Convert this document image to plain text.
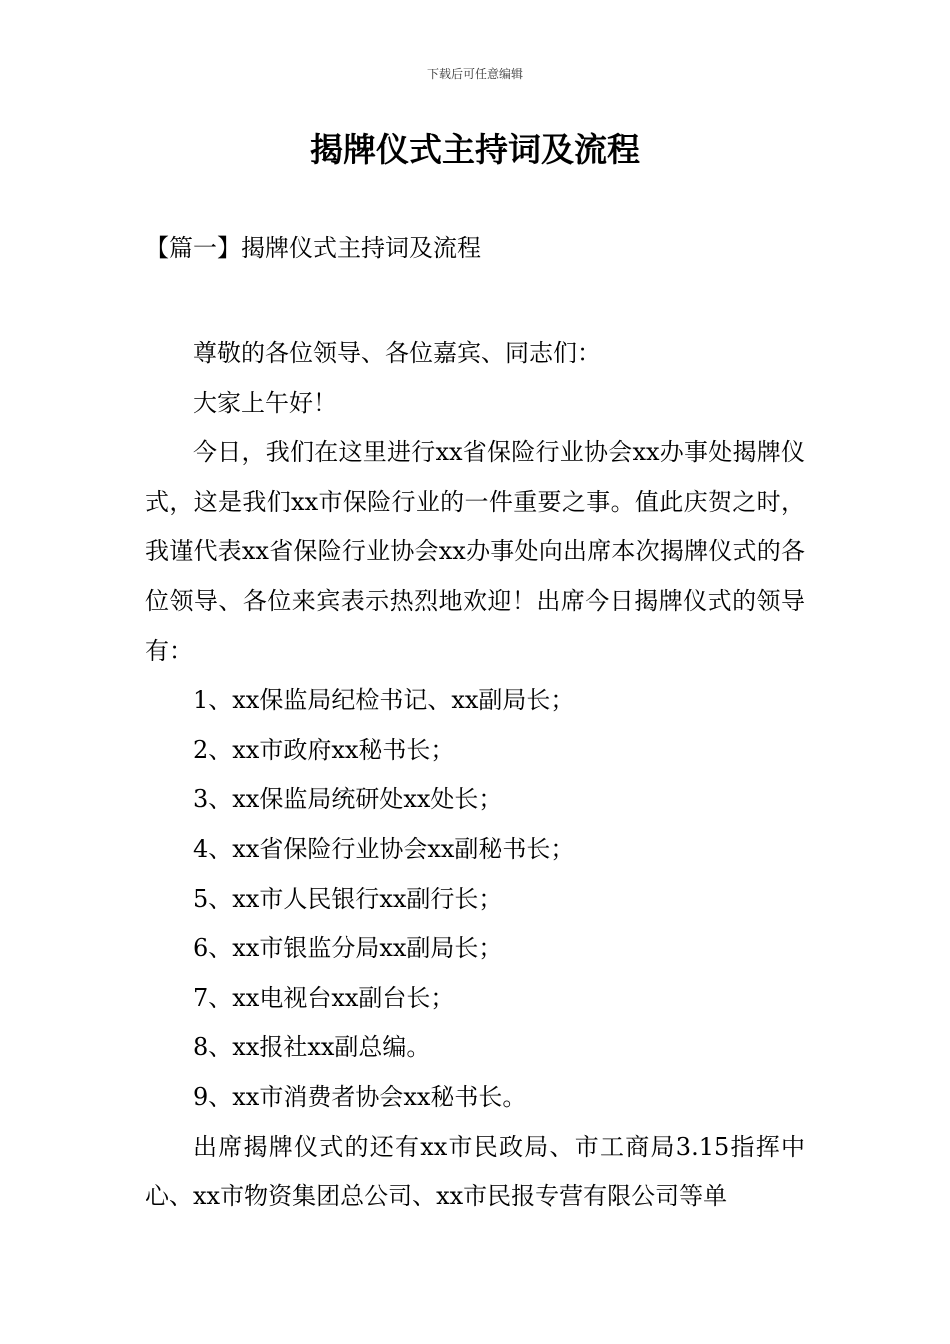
下载后可任意编辑
揭牌仪式主持词及流程
【篇一】揭牌仪式主持词及流程

尊敬的各位领导、各位嘉宾、同志们：

大家上午好！

今日，我们在这里进行xx省保险行业协会xx办事处揭牌仪式，这是我们xx市保险行业的一件重要之事。值此庆贺之时，我谨代表xx省保险行业协会xx办事处向出席本次揭牌仪式的各位领导、各位来宾表示热烈地欢迎！出席今日揭牌仪式的领导有：

1、xx保监局纪检书记、xx副局长；

2、xx市政府xx秘书长；

3、xx保监局统研处xx处长；

4、xx省保险行业协会xx副秘书长；

5、xx市人民银行xx副行长；

6、xx市银监分局xx副局长；

7、xx电视台xx副台长；

8、xx报社xx副总编。

9、xx市消费者协会xx秘书长。

出席揭牌仪式的还有xx市民政局、市工商局3.15指挥中心、xx市物资集团总公司、xx市民报专营有限公司等单
